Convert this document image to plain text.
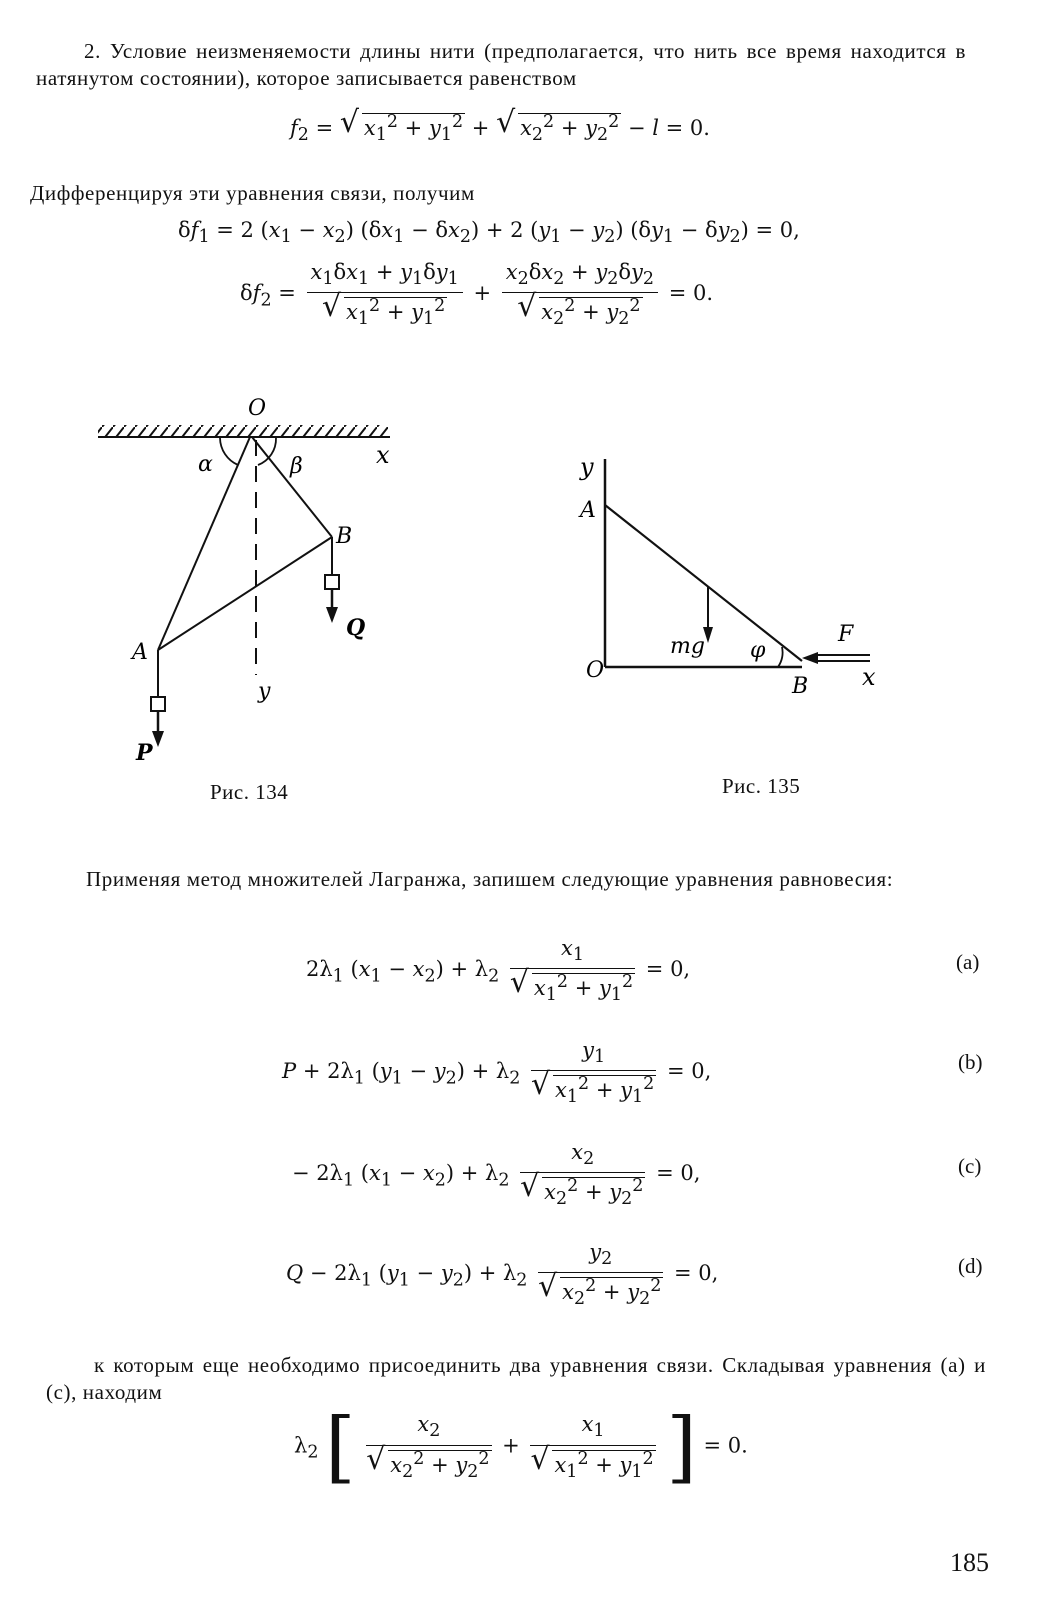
2. Условие неизменяемости длины нити (предполагается, что нить все время находится в натянутом состоянии), которое записывается равенством
$f_2$ = √ $x_1^2 + y_1^2$ + √ $x_2^2 + y_2^2 - l = 0$.
Дифференцируя эти уравнения связи, получим
$\delta f_1 = 2$ $(x_1 - x_2) (\delta x_1 - \delta x_2) + 2$ $(y_1 - y_2) (\delta y_1 - \delta y_2) = 0$,
$\delta f_2 = \frac{x_1\delta x_1 + y_1\delta y_1}{√ x_1^2 + y_1^2} + \frac{x_2\delta x_2 + y_2\delta y_2}{√ x_2^2 + y_2^2} = 0$.
O
x
y
α	β
B
Q
A
P
Рис. 134
y
A
mg φ
F
O
B x
Рис. 135
Применяя метод множителей Лагранжа, запишем следующие уравнения равновесия:
$2\lambda_1$ $(x_1 - x_2) + \lambda_2 \frac{x_1}{√ x_1^2 + y_1^2} = 0$,	(a)
$P + 2\lambda_1$ $(y_1 - y_2) + \lambda_2 \frac{y_1}{√ x_1^2 + y_1^2} = 0$,	(b)
− $2\lambda_1$ $(x_1 - x_2) + \lambda_2 \frac{x_2}{√ x_2^2 + y_2^2} = 0$,	(c)
$Q - 2\lambda_1$ $(y_1 - y_2) + \lambda_2 \frac{y_2}{√ x_2^2 + y_2^2} = 0$,	(d)
к которым еще необходимо присоединить два уравнения связи. Складывая уравнения (a) и (c), находим
$\lambda_2$ [ $\frac{x_2}{√ x_2^2 + y_2^2} + \frac{x_1}{√ x_1^2 + y_1^2}$ ] = 0.
185
